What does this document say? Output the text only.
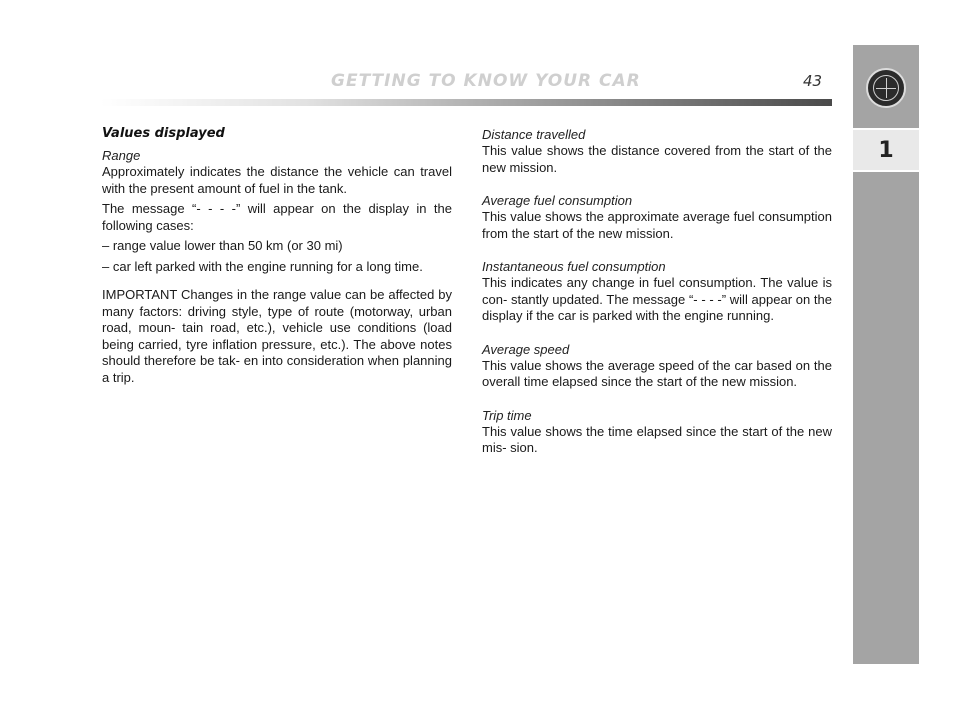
GETTING TO KNOW YOUR CAR	43
1

Values displayed

Range

Approximately indicates the distance the vehicle can travel with the present amount of fuel in the tank.

The message “- - - -” will appear on the display in the following cases:

– range value lower than 50 km (or 30 mi)

– car left parked with the engine running for a long time.

IMPORTANT Changes in the range value can be affected by many factors: driving style, type of route (motorway, urban road, moun- tain road, etc.), vehicle use conditions (load being carried, tyre inflation pressure, etc.). The above notes should therefore be tak- en into consideration when planning a trip.

Distance travelled

This value shows the distance covered from the start of the new mission.

Average fuel consumption

This value shows the approximate average fuel consumption from the start of the new mission.

Instantaneous fuel consumption

This indicates any change in fuel consumption. The value is con- stantly updated. The message “- - - -” will appear on the display if the car is parked with the engine running.

Average speed

This value shows the average speed of the car based on the overall time elapsed since the start of the new mission.

Trip time

This value shows the time elapsed since the start of the new mis- sion.
